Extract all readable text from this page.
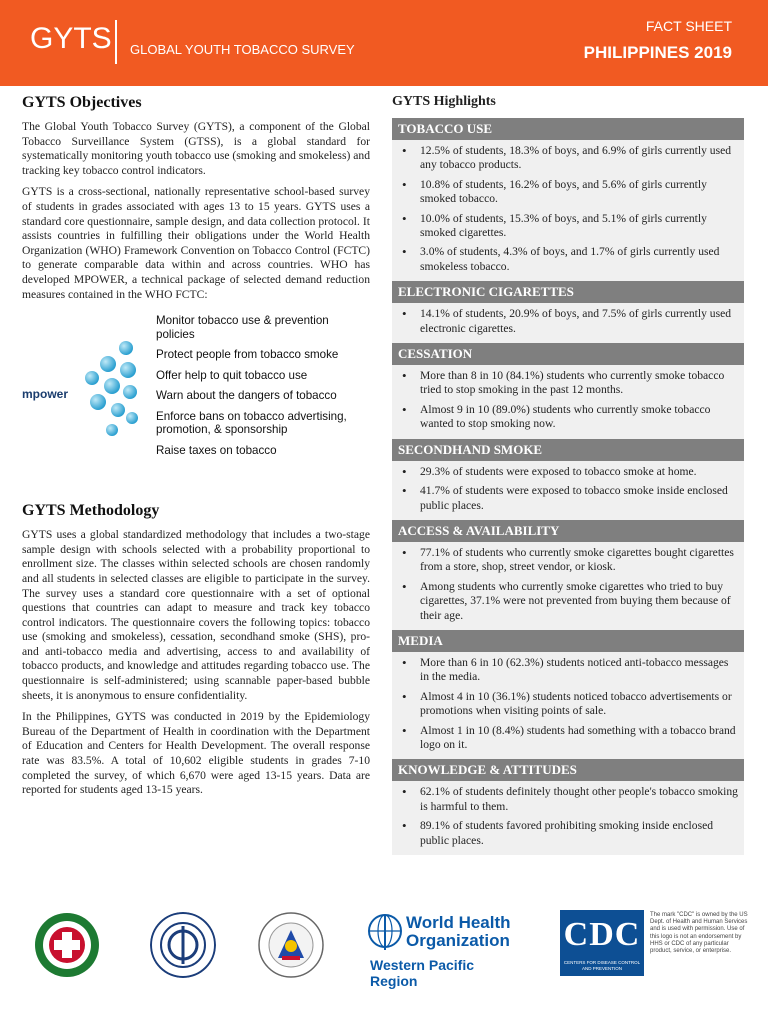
GYTS GLOBAL YOUTH TOBACCO SURVEY
FACT SHEET
PHILIPPINES 2019
GYTS Objectives

The Global Youth Tobacco Survey (GYTS), a component of the Global Tobacco Surveillance System (GTSS), is a global standard for systematically monitoring youth tobacco use (smoking and smokeless) and tracking key tobacco control indicators.

GYTS is a cross-sectional, nationally representative school-based survey of students in grades associated with ages 13 to 15 years. GYTS uses a standard core questionnaire, sample design, and data collection protocol. It assists countries in fulfilling their obligations under the World Health Organization (WHO) Framework Convention on Tobacco Control (FCTC) to generate comparable data within and across countries. WHO has developed MPOWER, a technical package of selected demand reduction measures contained in the WHO FCTC:

mpower
Monitor tobacco use & prevention policies
Protect people from tobacco smoke
Offer help to quit tobacco use
Warn about the dangers of tobacco
Enforce bans on tobacco advertising, promotion, & sponsorship
Raise taxes on tobacco
GYTS Methodology

GYTS uses a global standardized methodology that includes a two-stage sample design with schools selected with a probability proportional to enrollment size. The classes within selected schools are chosen randomly and all students in selected classes are eligible to participate in the survey. The survey uses a standard core questionnaire with a set of optional questions that countries can adapt to measure and track key tobacco control indicators. The questionnaire covers the following topics: tobacco use (smoking and smokeless), cessation, secondhand smoke (SHS), pro- and anti-tobacco media and advertising, access to and availability of tobacco products, and knowledge and attitudes regarding tobacco use. The questionnaire is self-administered; using scannable paper-based bubble sheets, it is anonymous to ensure confidentiality.

In the Philippines, GYTS was conducted in 2019 by the Epidemiology Bureau of the Department of Health in coordination with the Department of Education and Centers for Health Development. The overall response rate was 83.5%. A total of 10,602 eligible students in grades 7-10 completed the survey, of which 6,670 were aged 13-15 years. Data are reported for students aged 13-15 years.

GYTS Highlights
TOBACCO USE
• 12.5% of students, 18.3% of boys, and 6.9% of girls currently used any tobacco products.
• 10.8% of students, 16.2% of boys, and 5.6% of girls currently smoked tobacco.
• 10.0% of students, 15.3% of boys, and 5.1% of girls currently smoked cigarettes.
• 3.0% of students, 4.3% of boys, and 1.7% of girls currently used smokeless tobacco.
ELECTRONIC CIGARETTES
• 14.1% of students, 20.9% of boys, and 7.5% of girls currently used electronic cigarettes.
CESSATION
• More than 8 in 10 (84.1%) students who currently smoke tobacco tried to stop smoking in the past 12 months.
• Almost 9 in 10 (89.0%) students who currently smoke tobacco wanted to stop smoking now.
SECONDHAND SMOKE
• 29.3% of students were exposed to tobacco smoke at home.
• 41.7% of students were exposed to tobacco smoke inside enclosed public places.
ACCESS & AVAILABILITY
• 77.1% of students who currently smoke cigarettes bought cigarettes from a store, shop, street vendor, or kiosk.
• Among students who currently smoke cigarettes who tried to buy cigarettes, 37.1% were not prevented from buying them because of their age.
MEDIA
• More than 6 in 10 (62.3%) students noticed anti-tobacco messages in the media.
• Almost 4 in 10 (36.1%) students noticed tobacco advertisements or promotions when visiting points of sale.
• Almost 1 in 10 (8.4%) students had something with a tobacco brand logo on it.
KNOWLEDGE & ATTITUDES
• 62.1% of students definitely thought other people's tobacco smoking is harmful to them.
• 89.1% of students favored prohibiting smoking inside enclosed public places.
World Health
Organization
Western Pacific Region
CDC
CENTERS FOR DISEASE CONTROL AND PREVENTION
The mark "CDC" is owned by the US Dept. of Health and Human Services and is used with permission. Use of this logo is not an endorsement by HHS or CDC of any particular product, service, or enterprise.
